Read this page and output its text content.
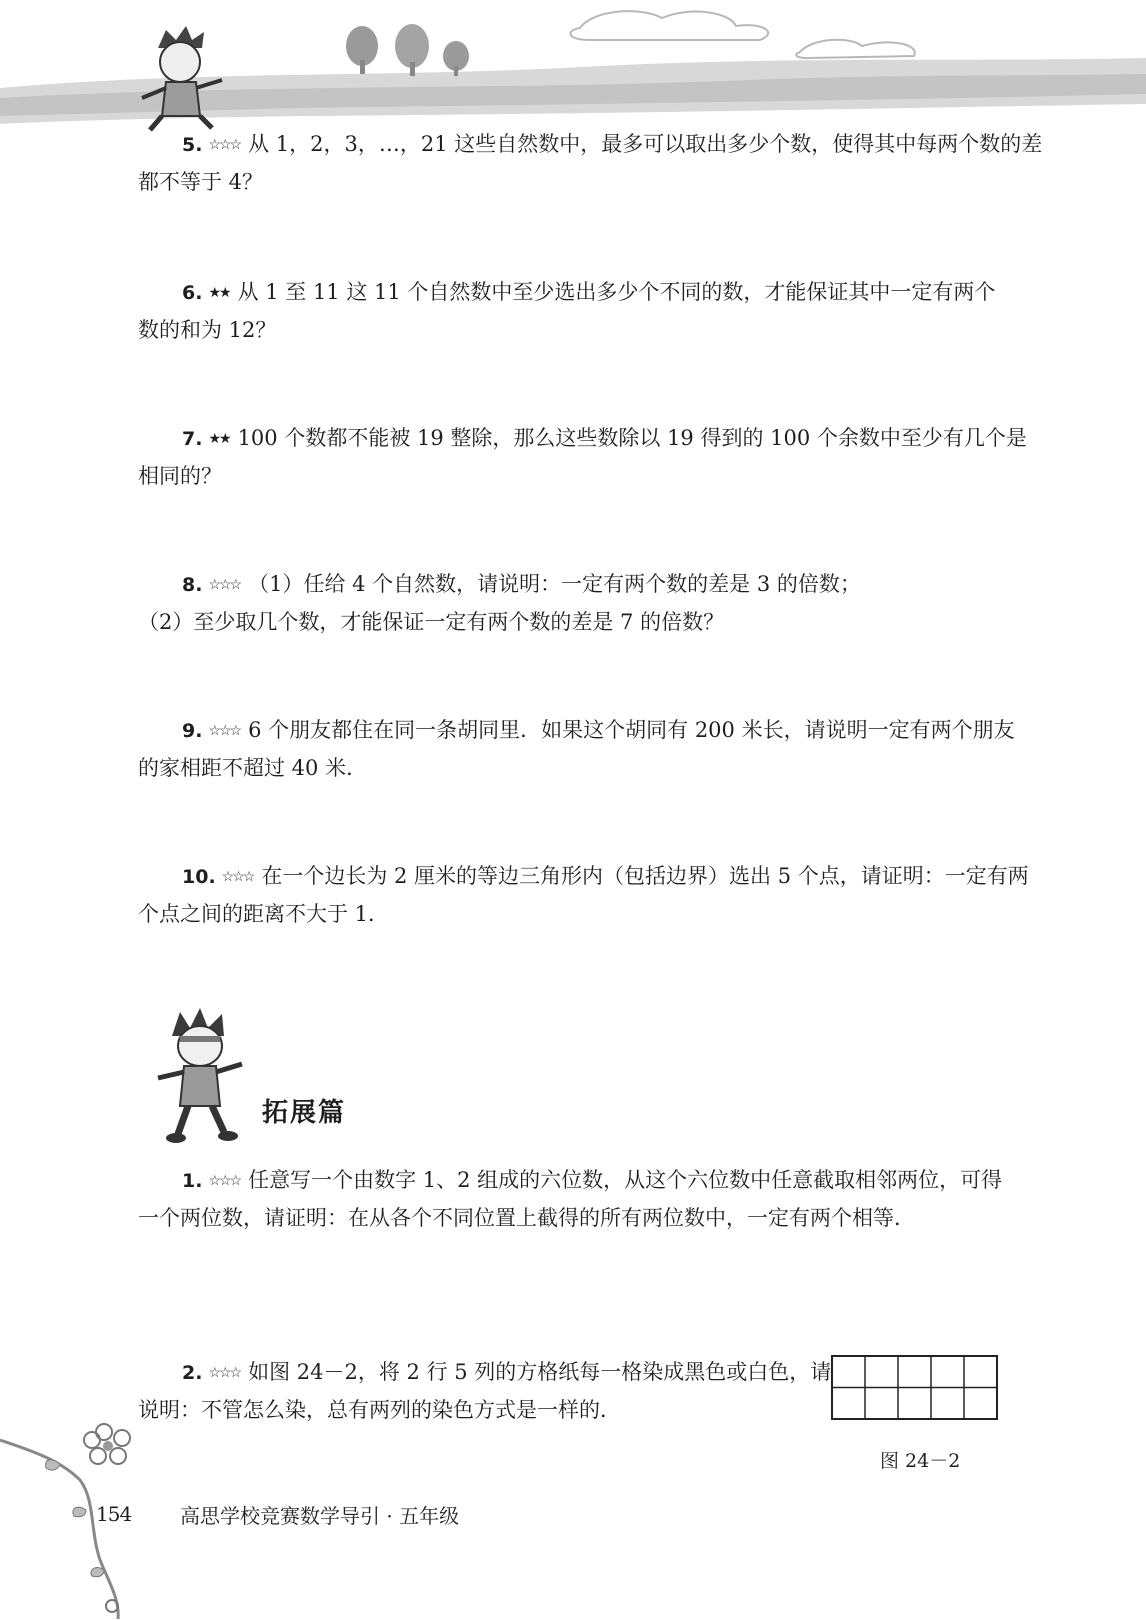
5. ☆☆☆ 从 1，2，3，…，21 这些自然数中，最多可以取出多少个数，使得其中每两个数的差
都不等于 4？
6. ★★ 从 1 至 11 这 11 个自然数中至少选出多少个不同的数，才能保证其中一定有两个
数的和为 12？
7. ★★ 100 个数都不能被 19 整除，那么这些数除以 19 得到的 100 个余数中至少有几个是
相同的？
8. ☆☆☆ （1）任给 4 个自然数，请说明：一定有两个数的差是 3 的倍数；
（2）至少取几个数，才能保证一定有两个数的差是 7 的倍数？
9. ☆☆☆ 6 个朋友都住在同一条胡同里．如果这个胡同有 200 米长，请说明一定有两个朋友
的家相距不超过 40 米．
10. ☆☆☆ 在一个边长为 2 厘米的等边三角形内（包括边界）选出 5 个点，请证明：一定有两
个点之间的距离不大于 1．
拓展篇
1. ☆☆☆ 任意写一个由数字 1、2 组成的六位数，从这个六位数中任意截取相邻两位，可得
一个两位数，请证明：在从各个不同位置上截得的所有两位数中，一定有两个相等．
2. ☆☆☆ 如图 24－2，将 2 行 5 列的方格纸每一格染成黑色或白色，请
说明：不管怎么染，总有两列的染色方式是一样的．
图 24－2
154 高思学校竞赛数学导引 · 五年级
